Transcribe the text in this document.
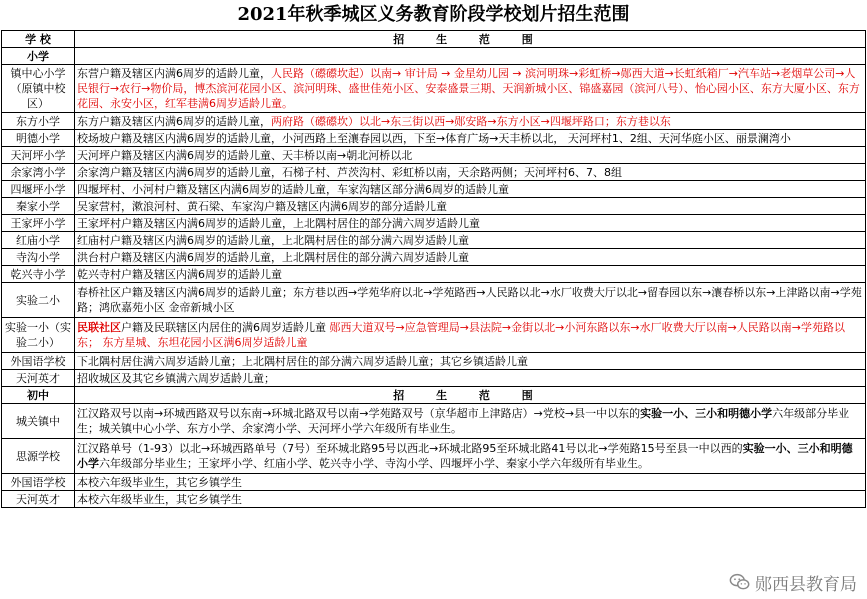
2021年秋季城区义务教育阶段学校划片招生范围
学 校	招 生 范 围
小学	
镇中心小学（原镇中校区）	东营户籍及辖区内满6周岁的适龄儿童，人民路（礤礤坎起）以南→ 审计局 → 金星幼儿园 → 滨河明珠→彩虹桥→郧西大道→长虹纸箱厂→汽车站→老烟草公司→人民银行→农行→物价局，博杰滨河花园小区、滨河明珠、盛世佳苑小区、安泰盛景三期、天润新城小区、锦盛嘉园（滨河八号）、怡心园小区、东方大厦小区、东方花园、永安小区，红军巷满6周岁适龄儿童。
东方小学	东方户籍及辖区内满6周岁的适龄儿童，两府路（礤礤坎）以北→东三街以西→郧安路→东方小区→四堰坪路口；东方巷以东
明德小学	校场坡户籍及辖区内满6周岁的适龄儿童，小河西路上至瀼春园以西，下至→体育广场→天丰桥以北， 天河坪村1、2组、天河华庭小区、丽景澜湾小
天河坪小学	天河坪户籍及辖区内满6周岁的适龄儿童、天丰桥以南→朝北河桥以北
余家湾小学	余家湾户籍及辖区内满6周岁的适龄儿童，石梯子村、芦茨沟村、彩虹桥以南，天余路两侧；天河坪村6、7、8组
四堰坪小学	四堰坪村、小河村户籍及辖区内满6周岁的适龄儿童，车家沟辖区部分满6周岁的适龄儿童
秦家小学	吴家营村，漱浪河村、黄石梁、车家沟户籍及辖区内满6周岁的部分适龄儿童
王家坪小学	王家坪村户籍及辖区内满6周岁的适龄儿童，上北隅村居住的部分满六周岁适龄儿童
红庙小学	红庙村户籍及辖区内满6周岁的适龄儿童，上北隅村居住的部分满六周岁适龄儿童
寺沟小学	洪台村户籍及辖区内满6周岁的适龄儿童，上北隅村居住的部分满六周岁适龄儿童
乾兴寺小学	乾兴寺村户籍及辖区内满6周岁的适龄儿童
实验二小	春桥社区户籍及辖区内满6周岁的适龄儿童；东方巷以西→学苑华府以北→学苑路西→人民路以北→水厂收费大厅以北→留春园以东→瀼春桥以东→上津路以南→学苑路；鸿欣嘉苑小区 金帝新城小区
实验一小（实验二小）	民联社区户籍及民联辖区内居住的满6周岁适龄儿童 郧西大道双号→应急管理局→县法院→金街以北→小河东路以东→水厂收费大厅以南→人民路以南→学苑路以东； 东方星城、东坦花园小区满6周岁适龄儿童
外国语学校	下北隅村居住满六周岁适龄儿童；上北隅村居住的部分满六周岁适龄儿童；其它乡镇适龄儿童
天河英才	招收城区及其它乡镇满六周岁适龄儿童；
初中	招 生 范 围
城关镇中	江汉路双号以南→环城西路双号以东南→环城北路双号以南→学苑路双号（京华超市上津路店）→党校→县一中以东的实验一小、三小和明德小学六年级部分毕业生；城关镇中心小学、东方小学、余家湾小学、天河坪小学六年级所有毕业生。
思源学校	江汉路单号（1-93）以北→环城西路单号（7号）至环城北路95号以西北→环城北路95至环城北路41号以北→学苑路15号至县一中以西的实验一小、三小和明德小学六年级部分毕业生；王家坪小学、红庙小学、乾兴寺小学、寺沟小学、四堰坪小学、秦家小学六年级所有毕业生。
外国语学校	本校六年级毕业生，其它乡镇学生
天河英才	本校六年级毕业生，其它乡镇学生
郧西县教育局
